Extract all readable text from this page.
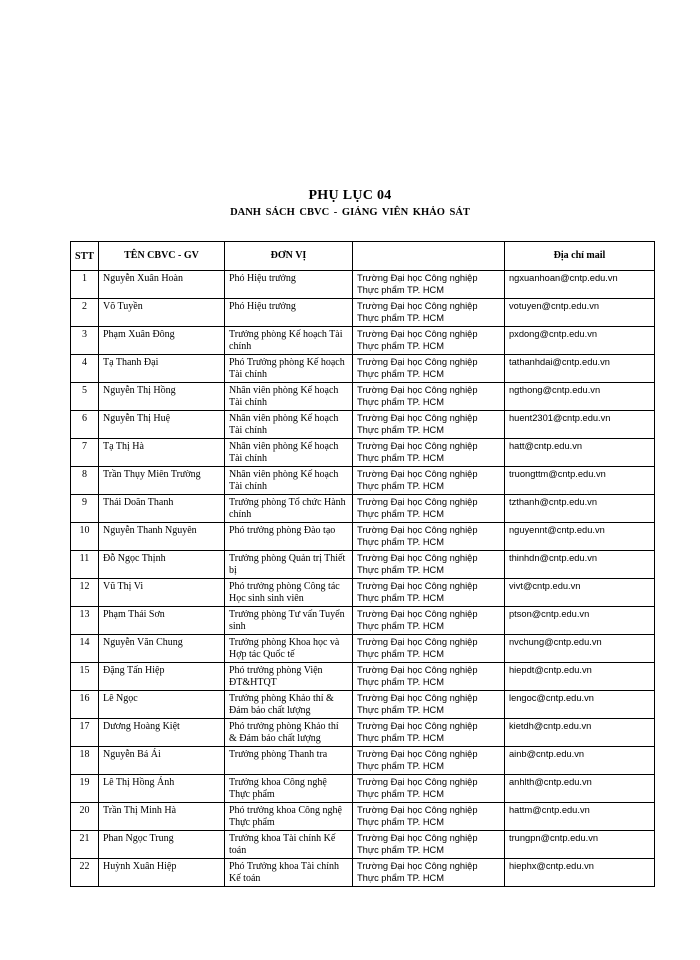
PHỤ LỤC 04
DANH SÁCH CBVC - GIẢNG VIÊN KHẢO SÁT
STT	TÊN CBVC - GV	ĐƠN VỊ		Địa chỉ mail
1	Nguyễn Xuân Hoàn	Phó Hiệu trưởng	Trường Đại học Công nghiệp Thực phẩm TP. HCM	ngxuanhoan@cntp.edu.vn
2	Võ Tuyền	Phó Hiệu trưởng	Trường Đại học Công nghiệp Thực phẩm TP. HCM	votuyen@cntp.edu.vn
3	Phạm Xuân Đông	Trưởng phòng Kế hoạch Tài chính	Trường Đại học Công nghiệp Thực phẩm TP. HCM	pxdong@cntp.edu.vn
4	Tạ Thanh Đại	Phó Trưởng phòng Kế hoạch Tài chính	Trường Đại học Công nghiệp Thực phẩm TP. HCM	tathanhdai@cntp.edu.vn
5	Nguyễn Thị Hồng	Nhân viên phòng Kế hoạch Tài chính	Trường Đại học Công nghiệp Thực phẩm TP. HCM	ngthong@cntp.edu.vn
6	Nguyễn Thị Huệ	Nhân viên phòng Kế hoạch Tài chính	Trường Đại học Công nghiệp Thực phẩm TP. HCM	huent2301@cntp.edu.vn
7	Tạ Thị Hà	Nhân viên phòng Kế hoạch Tài chính	Trường Đại học Công nghiệp Thực phẩm TP. HCM	hatt@cntp.edu.vn
8	Trần Thụy Miên Trường	Nhân viên phòng Kế hoạch Tài chính	Trường Đại học Công nghiệp Thực phẩm TP. HCM	truongttm@cntp.edu.vn
9	Thái Doãn Thanh	Trưởng phòng Tổ chức Hành chính	Trường Đại học Công nghiệp Thực phẩm TP. HCM	tzthanh@cntp.edu.vn
10	Nguyễn Thanh Nguyên	Phó trưởng phòng Đào tạo	Trường Đại học Công nghiệp Thực phẩm TP. HCM	nguyennt@cntp.edu.vn
11	Đỗ Ngọc Thịnh	Trưởng phòng Quản trị Thiết bị	Trường Đại học Công nghiệp Thực phẩm TP. HCM	thinhdn@cntp.edu.vn
12	Vũ Thị Vi	Phó trưởng phòng Công tác Học sinh sinh viên	Trường Đại học Công nghiệp Thực phẩm TP. HCM	vivt@cntp.edu.vn
13	Phạm Thái Sơn	Trưởng phòng Tư vấn Tuyển sinh	Trường Đại học Công nghiệp Thực phẩm TP. HCM	ptson@cntp.edu.vn
14	Nguyễn Văn Chung	Trưởng phòng Khoa học và Hợp tác Quốc tế	Trường Đại học Công nghiệp Thực phẩm TP. HCM	nvchung@cntp.edu.vn
15	Đặng Tấn Hiệp	Phó trưởng phòng Viện ĐT&HTQT	Trường Đại học Công nghiệp Thực phẩm TP. HCM	hiepdt@cntp.edu.vn
16	Lê Ngọc	Trưởng phòng Khảo thí & Đảm bảo chất lượng	Trường Đại học Công nghiệp Thực phẩm TP. HCM	lengoc@cntp.edu.vn
17	Dương Hoàng Kiệt	Phó trưởng phòng Khảo thí & Đảm bảo chất lượng	Trường Đại học Công nghiệp Thực phẩm TP. HCM	kietdh@cntp.edu.vn
18	Nguyễn Bá Ái	Trưởng phòng Thanh tra	Trường Đại học Công nghiệp Thực phẩm TP. HCM	ainb@cntp.edu.vn
19	Lê Thị Hồng Ánh	Trưởng khoa Công nghệ Thực phẩm	Trường Đại học Công nghiệp Thực phẩm TP. HCM	anhlth@cntp.edu.vn
20	Trần Thị Minh Hà	Phó trưởng khoa Công nghệ Thực phẩm	Trường Đại học Công nghiệp Thực phẩm TP. HCM	hattm@cntp.edu.vn
21	Phan Ngọc Trung	Trưởng khoa Tài chính Kế toán	Trường Đại học Công nghiệp Thực phẩm TP. HCM	trungpn@cntp.edu.vn
22	Huỳnh Xuân Hiệp	Phó Trưởng khoa Tài chính Kế toán	Trường Đại học Công nghiệp Thực phẩm TP. HCM	hiephx@cntp.edu.vn
